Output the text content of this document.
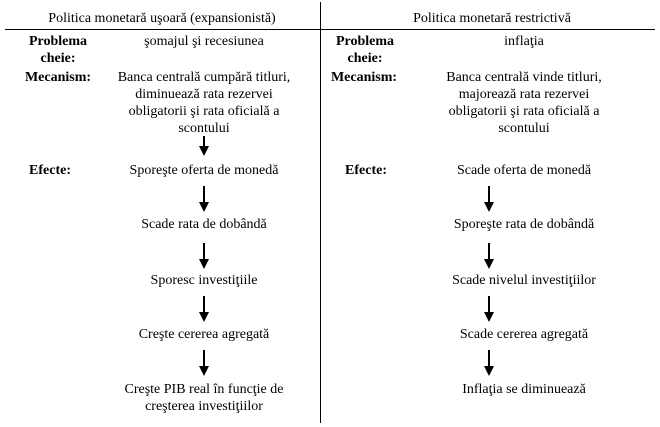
Politica monetară uşoară (expansionistă)	Politica monetară restrictivă
Problema
cheie:
Mecanism:
Efecte:
Problema
cheie:
Mecanism:
Efecte:
şomajul şi recesiunea
Banca centrală cumpără titluri,
diminuează rata rezervei
obligatorii şi rata oficială a
scontului
Sporeşte oferta de monedă
Scade rata de dobândă
Sporesc investiţiile
Creşte cererea agregată
Creşte PIB real în funcţie de
creşterea investiţiilor
inflaţia
Banca centrală vinde titluri,
majorează rata rezervei
obligatorii şi rata oficială a
scontului
Scade oferta de monedă
Sporeşte rata de dobândă
Scade nivelul investiţiilor
Scade cererea agregată
Inflaţia se diminuează
